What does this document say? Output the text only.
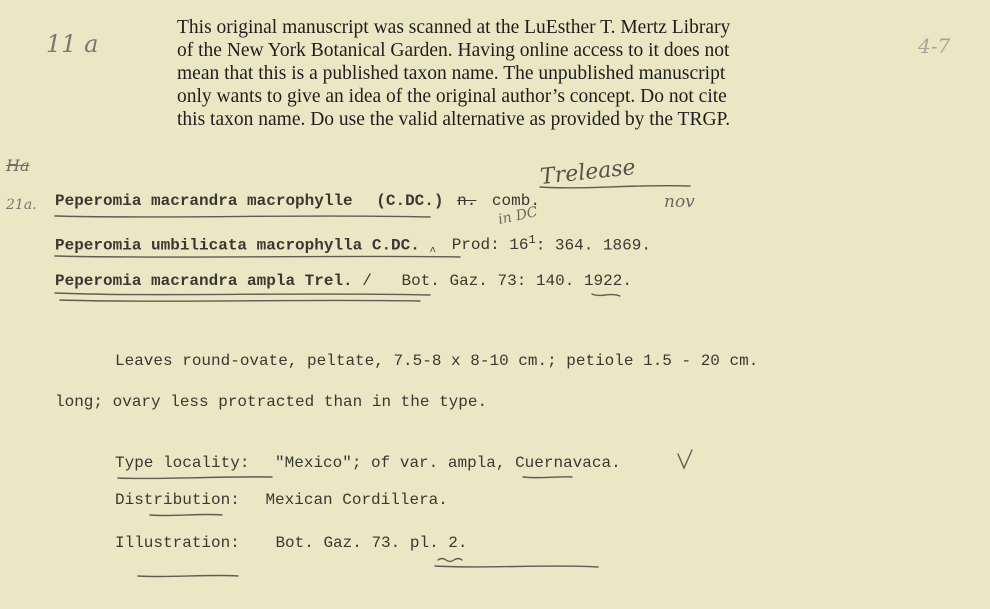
This original manuscript was scanned at the LuEsther T. Mertz Library
of the New York Botanical Garden. Having online access to it does not
mean that this is a published taxon name. The unpublished manuscript
only wants to give an idea of the original author’s concept. Do not cite
this taxon name. Do use the valid alternative as provided by the TRGP.
11 a	4-7
Ha
21a.
Trelease
nov
in DC
Peperomia macrandra macrophylle (C.DC.) n. comb.
Peperomia umbilicata macrophylla C.DC. $_{\^{}}$ Prod: $16^1$: 364. 1869.
Peperomia macrandra ampla Trel. / Bot. Gaz. 73: 140. 1922.
Leaves round-ovate, peltate, 7.5-8 x 8-10 cm.; petiole 1.5 - 20 cm.
long; ovary less protracted than in the type.
Type locality: "Mexico"; of var. ampla, Cuernavaca.
Distribution: Mexican Cordillera.
Illustration: Bot. Gaz. 73. pl. 2.
